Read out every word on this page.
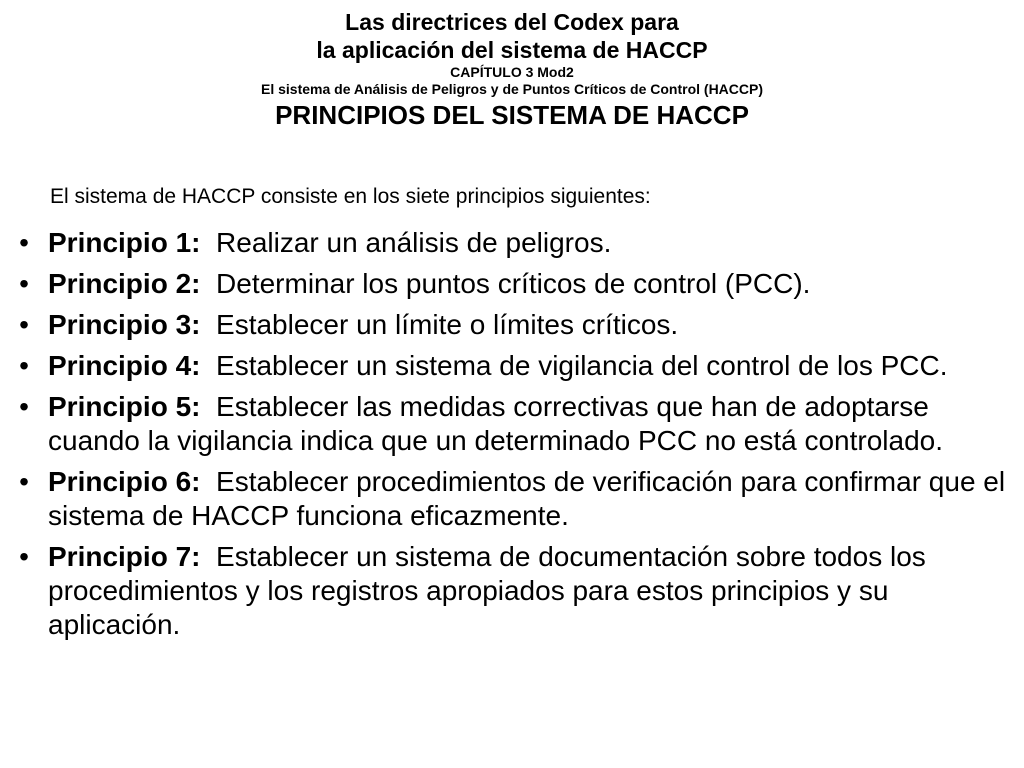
Las directrices del Codex para

la aplicación del sistema de HACCP

CAPÍTULO 3 Mod2

El sistema de Análisis de Peligros y de Puntos Críticos de Control (HACCP)

PRINCIPIOS DEL SISTEMA DE HACCP

El sistema de HACCP consiste en los siete principios siguientes:

• Principio 1: Realizar un análisis de peligros.
• Principio 2: Determinar los puntos críticos de control (PCC).
• Principio 3: Establecer un límite o límites críticos.
• Principio 4: Establecer un sistema de vigilancia del control de los PCC.
• Principio 5: Establecer las medidas correctivas que han de adoptarse cuando la vigilancia indica que un determinado PCC no está controlado.
• Principio 6: Establecer procedimientos de verificación para confirmar que el sistema de HACCP funciona eficazmente.
• Principio 7: Establecer un sistema de documentación sobre todos los procedimientos y los registros apropiados para estos principios y su aplicación.
